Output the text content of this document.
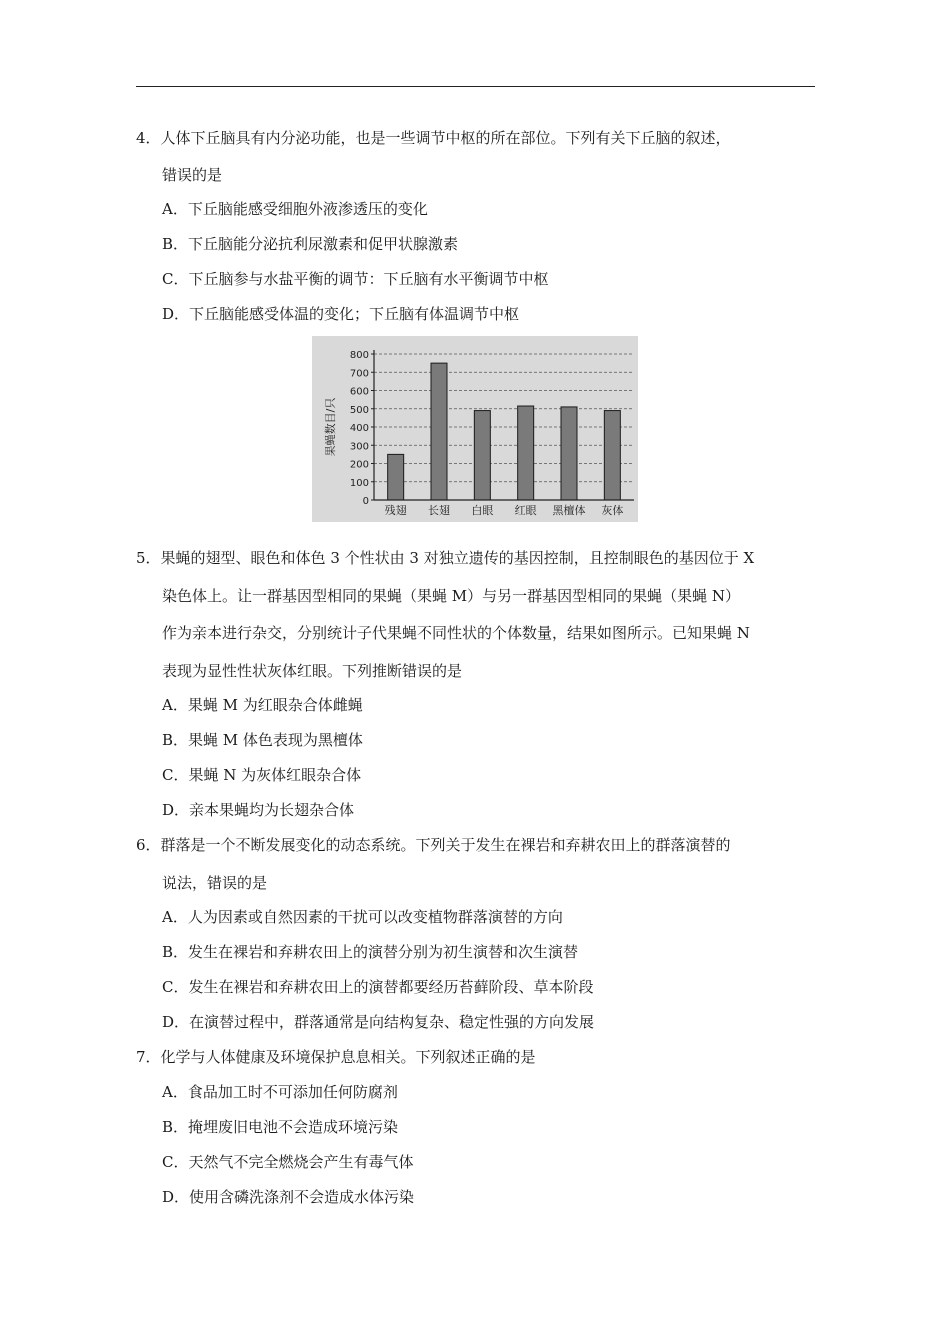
4．人体下丘脑具有内分泌功能，也是一些调节中枢的所在部位。下列有关下丘脑的叙述，
错误的是
A．下丘脑能感受细胞外液渗透压的变化
B．下丘脑能分泌抗利尿激素和促甲状腺激素
C．下丘脑参与水盐平衡的调节：下丘脑有水平衡调节中枢
D．下丘脑能感受体温的变化；下丘脑有体温调节中枢
0
100
200
300
400
500
600
700
800
残翅 长翅 白眼 红眼 黑檀体 灰体
果蝇数目/只
5．果蝇的翅型、眼色和体色 3 个性状由 3 对独立遗传的基因控制，且控制眼色的基因位于 X
染色体上。让一群基因型相同的果蝇（果蝇 M）与另一群基因型相同的果蝇（果蝇 N）
作为亲本进行杂交，分别统计子代果蝇不同性状的个体数量，结果如图所示。已知果蝇 N
表现为显性性状灰体红眼。下列推断错误的是
A．果蝇 M 为红眼杂合体雌蝇
B．果蝇 M 体色表现为黑檀体
C．果蝇 N 为灰体红眼杂合体
D．亲本果蝇均为长翅杂合体
6．群落是一个不断发展变化的动态系统。下列关于发生在裸岩和弃耕农田上的群落演替的
说法，错误的是
A．人为因素或自然因素的干扰可以改变植物群落演替的方向
B．发生在裸岩和弃耕农田上的演替分别为初生演替和次生演替
C．发生在裸岩和弃耕农田上的演替都要经历苔藓阶段、草本阶段
D．在演替过程中，群落通常是向结构复杂、稳定性强的方向发展
7．化学与人体健康及环境保护息息相关。下列叙述正确的是
A．食品加工时不可添加任何防腐剂
B．掩埋废旧电池不会造成环境污染
C．天然气不完全燃烧会产生有毒气体
D．使用含磷洗涤剂不会造成水体污染
